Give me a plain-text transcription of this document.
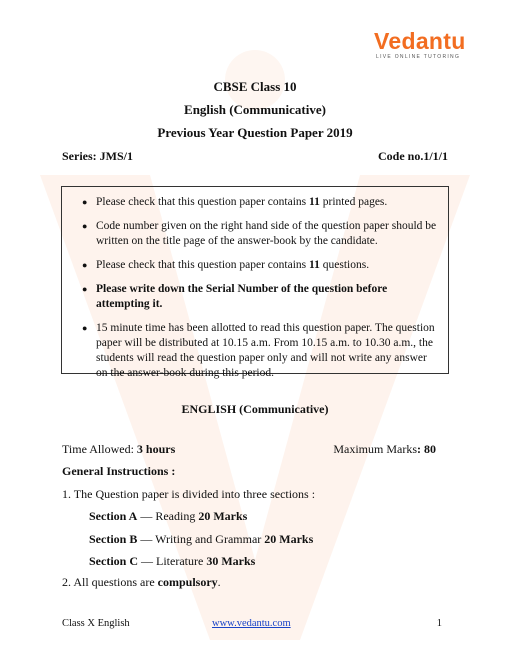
Vedantu
LIVE ONLINE TUTORING
CBSE Class 10
English (Communicative)
Previous Year Question Paper 2019
Series: JMS/1	Code no.1/1/1
● Please check that this question paper contains 11 printed pages.
● Code number given on the right hand side of the question paper should be written on the title page of the answer-book by the candidate.
● Please check that this question paper contains 11 questions.
● Please write down the Serial Number of the question before attempting it.
● 15 minute time has been allotted to read this question paper. The question paper will be distributed at 10.15 a.m. From 10.15 a.m. to 10.30 a.m., the students will read the question paper only and will not write any answer on the answer-book during this period.
ENGLISH (Communicative)
Time Allowed: 3 hours	Maximum Marks: 80
General Instructions :
1. The Question paper is divided into three sections :
Section A — Reading 20 Marks
Section B — Writing and Grammar 20 Marks
Section C — Literature 30 Marks
2. All questions are compulsory.
Class X English	www.vedantu.com	1
